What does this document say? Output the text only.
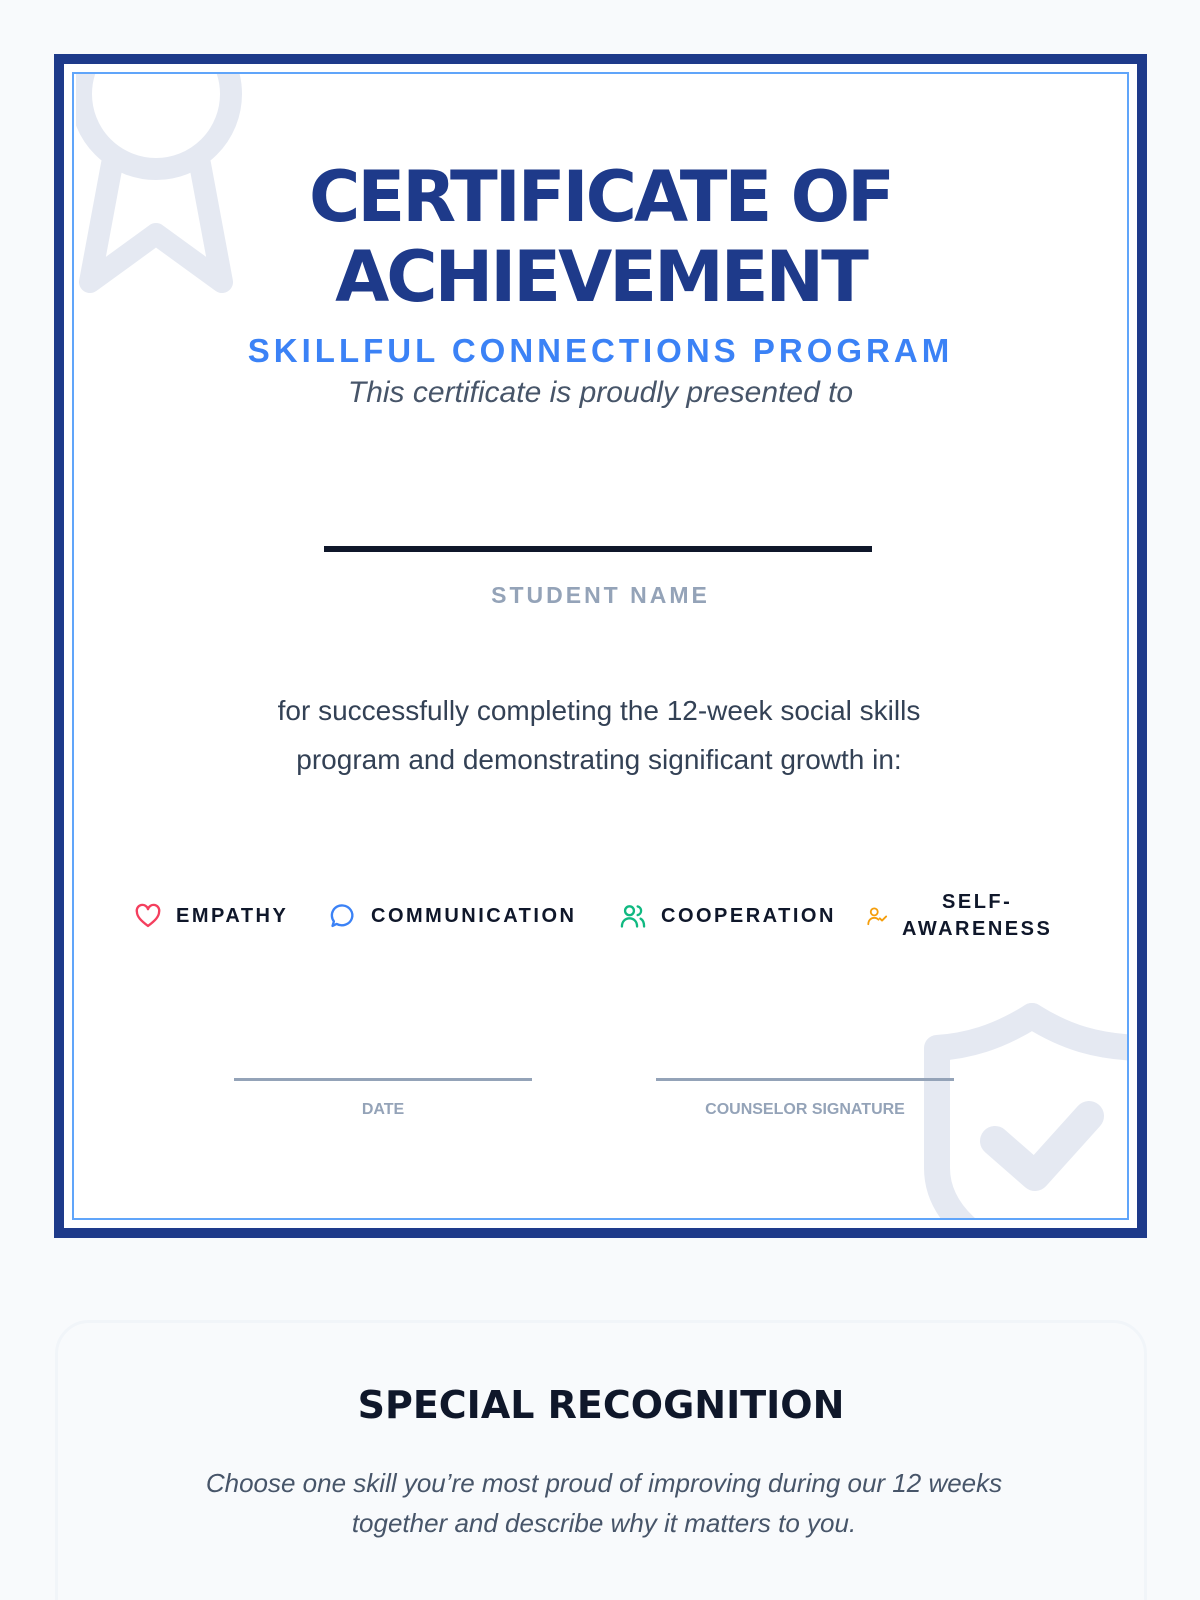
CERTIFICATE OF
ACHIEVEMENT
SKILLFUL CONNECTIONS PROGRAM
This certificate is proudly presented to
STUDENT NAME
for successfully completing the 12-week social skills program and demonstrating significant growth in:
EMPATHY	COMMUNICATION	COOPERATION
SELF-
AWARENESS
DATE	COUNSELOR SIGNATURE
SPECIAL RECOGNITION
Choose one skill you’re most proud of improving during our 12 weeks together and describe why it matters to you.
